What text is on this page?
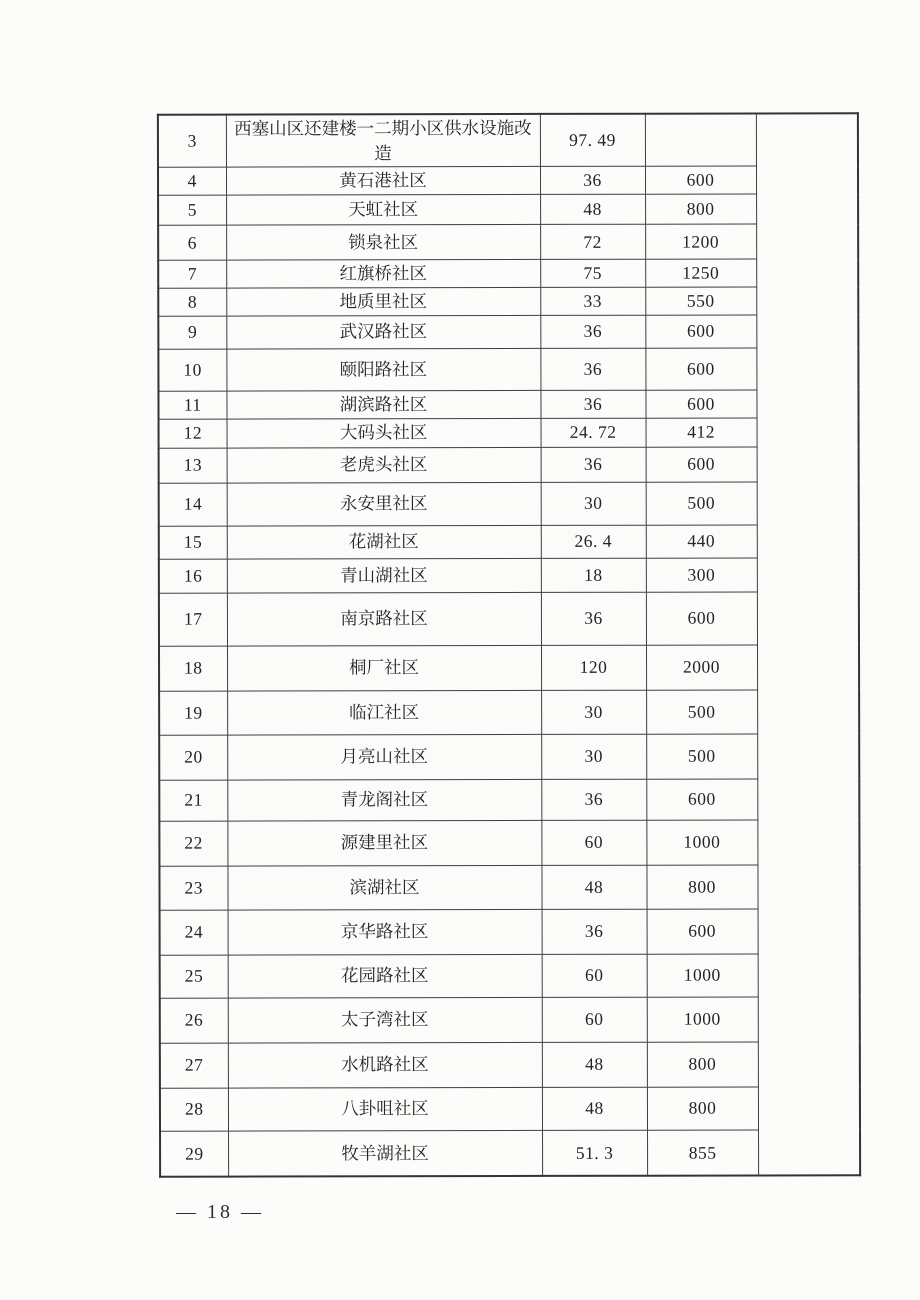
3	西塞山区还建楼一二期小区供水设施改造	97. 49		
4	黄石港社区	36	600	
5	天虹社区	48	800	
6	锁泉社区	72	1200	
7	红旗桥社区	75	1250	
8	地质里社区	33	550	
9	武汉路社区	36	600	
10	颐阳路社区	36	600	
11	湖滨路社区	36	600	
12	大码头社区	24. 72	412	
13	老虎头社区	36	600	
14	永安里社区	30	500	
15	花湖社区	26. 4	440	
16	青山湖社区	18	300	
17	南京路社区	36	600	
18	桐厂社区	120	2000	
19	临江社区	30	500	
20	月亮山社区	30	500	
21	青龙阁社区	36	600	
22	源建里社区	60	1000	
23	滨湖社区	48	800	
24	京华路社区	36	600	
25	花园路社区	60	1000	
26	太子湾社区	60	1000	
27	水机路社区	48	800	
28	八卦咀社区	48	800	
29	牧羊湖社区	51. 3	855	
— 18 —
